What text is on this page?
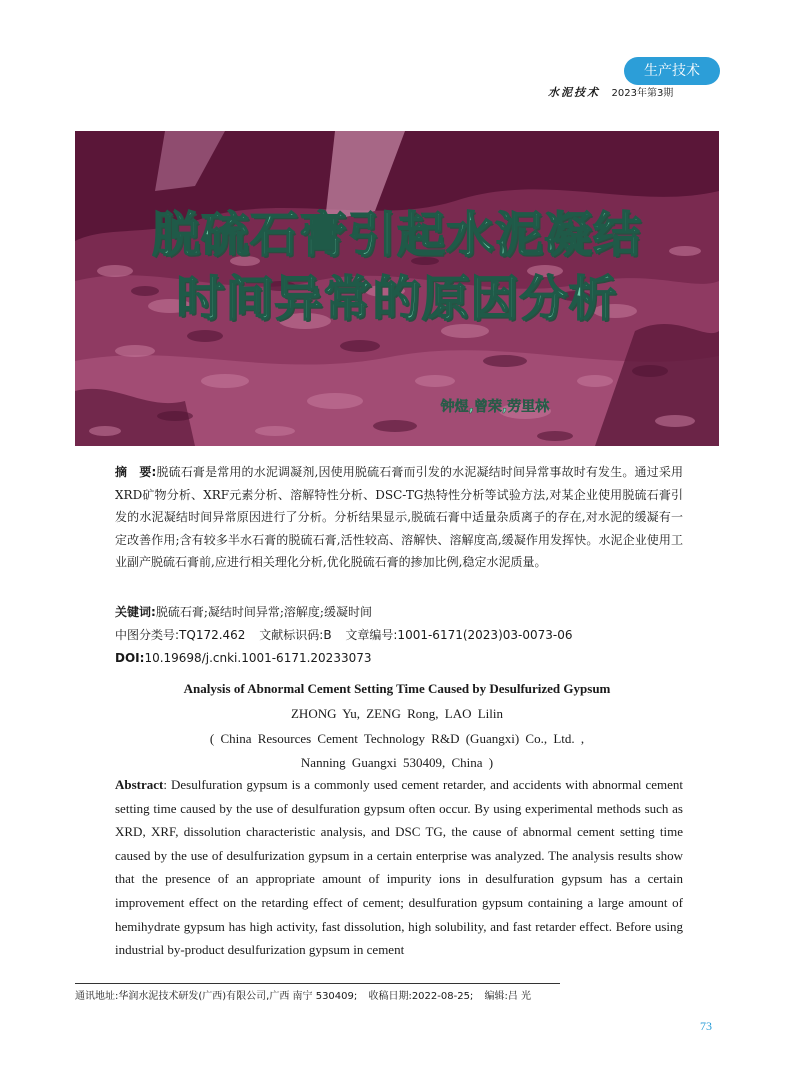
生产技术
水泥技术 2023年第3期
脱硫石膏引起水泥凝结
时间异常的原因分析
钟煜,曾荣,劳里林
摘　要:脱硫石膏是常用的水泥调凝剂,因使用脱硫石膏而引发的水泥凝结时间异常事故时有发生。通过采用XRD矿物分析、XRF元素分析、溶解特性分析、DSC-TG热特性分析等试验方法,对某企业使用脱硫石膏引发的水泥凝结时间异常原因进行了分析。分析结果显示,脱硫石膏中适量杂质离子的存在,对水泥的缓凝有一定改善作用;含有较多半水石膏的脱硫石膏,活性较高、溶解快、溶解度高,缓凝作用发挥快。水泥企业使用工业副产脱硫石膏前,应进行相关理化分析,优化脱硫石膏的掺加比例,稳定水泥质量。
关键词:脱硫石膏;凝结时间异常;溶解度;缓凝时间
中图分类号:TQ172.462 文献标识码:B 文章编号:1001-6171(2023)03-0073-06
DOI:10.19698/j.cnki.1001-6171.20233073
Analysis of Abnormal Cement Setting Time Caused by Desulfurized Gypsum
ZHONG Yu, ZENG Rong, LAO Lilin
( China Resources Cement Technology R&D (Guangxi) Co., Ltd. ,
Nanning Guangxi 530409, China )
Abstract: Desulfuration gypsum is a commonly used cement retarder, and accidents with abnormal cement setting time caused by the use of desulfuration gypsum often occur. By using experimental methods such as XRD, XRF, dissolution characteristic analysis, and DSC TG, the cause of abnormal cement setting time caused by the use of desulfurization gypsum in a certain enterprise was analyzed. The analysis results show that the presence of an appropriate amount of impurity ions in desulfuration gypsum has a certain improvement effect on the retarding effect of cement; desulfuration gypsum containing a large amount of hemihydrate gypsum has high activity, fast dissolution, high solubility, and fast retarder effect. Before using industrial by-product desulfurization gypsum in cement
通讯地址:华润水泥技术研发(广西)有限公司,广西 南宁 530409; 收稿日期:2022-08-25; 编辑:吕 光
73
